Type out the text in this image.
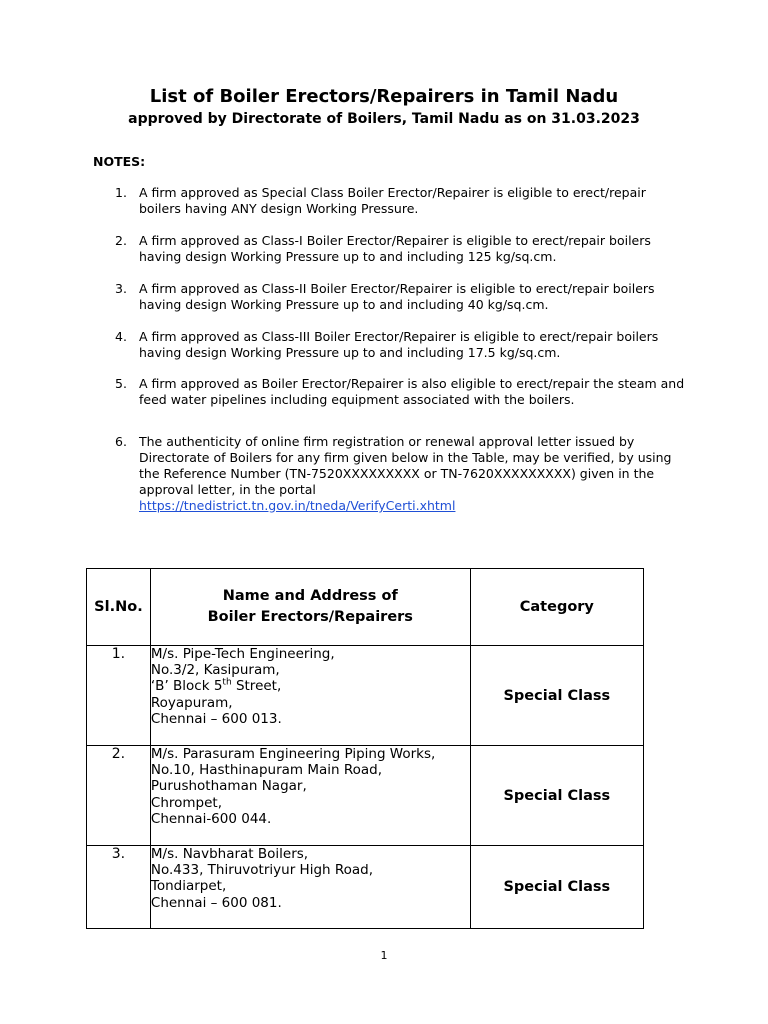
List of Boiler Erectors/Repairers in Tamil Nadu
approved by Directorate of Boilers, Tamil Nadu as on 31.03.2023
NOTES:
1. A firm approved as Special Class Boiler Erector/Repairer is eligible to erect/repair boilers having ANY design Working Pressure.
2. A firm approved as Class-I Boiler Erector/Repairer is eligible to erect/repair boilers having design Working Pressure up to and including 125 kg/sq.cm.
3. A firm approved as Class-II Boiler Erector/Repairer is eligible to erect/repair boilers having design Working Pressure up to and including 40 kg/sq.cm.
4. A firm approved as Class-III Boiler Erector/Repairer is eligible to erect/repair boilers having design Working Pressure up to and including 17.5 kg/sq.cm.
5. A firm approved as Boiler Erector/Repairer is also eligible to erect/repair the steam and feed water pipelines including equipment associated with the boilers.
6. The authenticity of online firm registration or renewal approval letter issued by Directorate of Boilers for any firm given below in the Table, may be verified, by using the Reference Number (TN-7520XXXXXXXXX or TN-7620XXXXXXXXX) given in the approval letter, in the portal
https://tnedistrict.tn.gov.in/tneda/VerifyCerti.xhtml
Sl.No.	Name and Address of
Boiler Erectors/Repairers	Category
1.	M/s. Pipe-Tech Engineering,
No.3/2, Kasipuram,
‘B’ Block 5th Street,
Royapuram,
Chennai – 600 013.	Special Class
2.	M/s. Parasuram Engineering Piping Works,
No.10, Hasthinapuram Main Road,
Purushothaman Nagar,
Chrompet,
Chennai-600 044.	Special Class
3.	M/s. Navbharat Boilers,
No.433, Thiruvotriyur High Road,
Tondiarpet,
Chennai – 600 081.	Special Class
1
